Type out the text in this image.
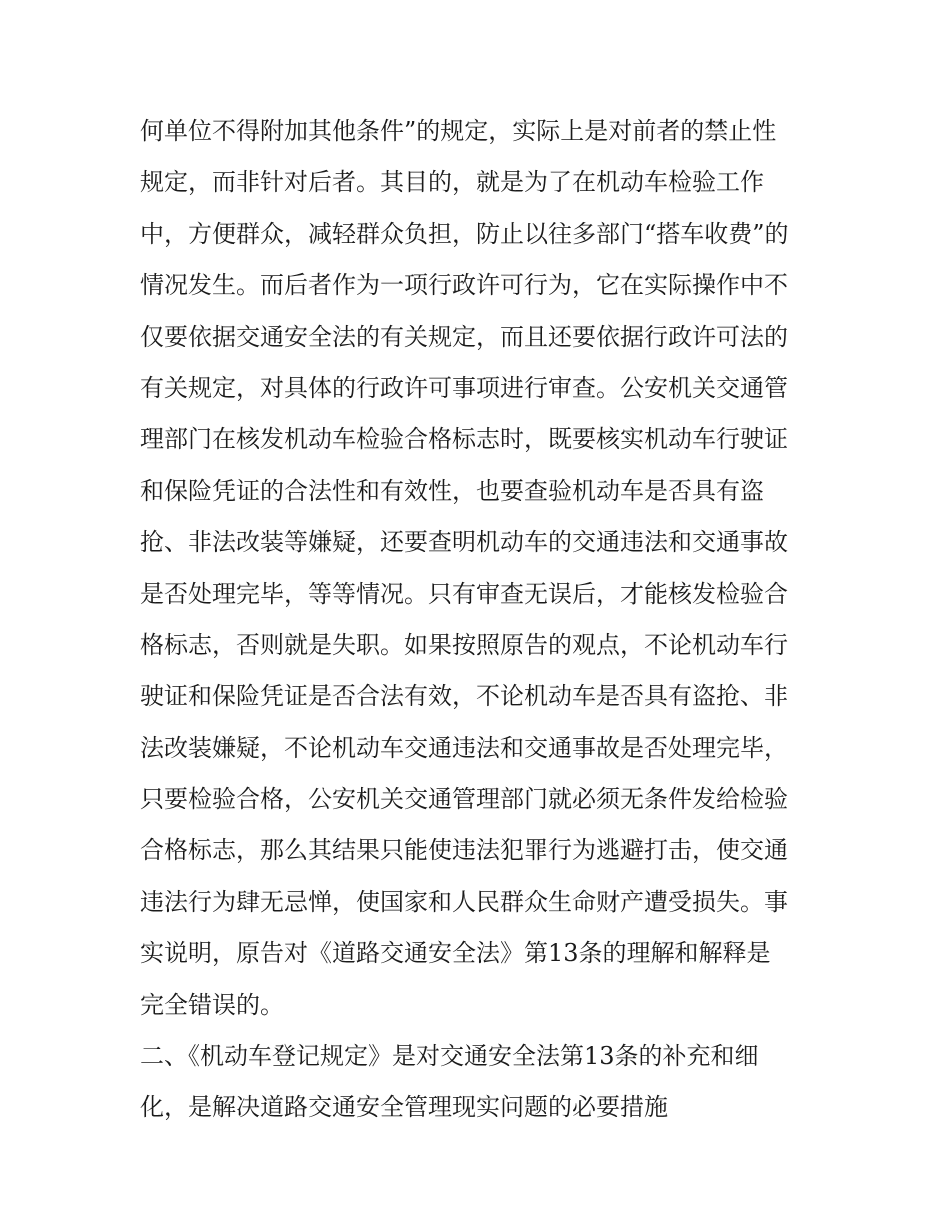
何单位不得附加其他条件”的规定，实际上是对前者的禁止性
规定，而非针对后者。其目的，就是为了在机动车检验工作
中，方便群众，减轻群众负担，防止以往多部门“搭车收费”的
情况发生。而后者作为一项行政许可行为，它在实际操作中不
仅要依据交通安全法的有关规定，而且还要依据行政许可法的
有关规定，对具体的行政许可事项进行审查。公安机关交通管
理部门在核发机动车检验合格标志时，既要核实机动车行驶证
和保险凭证的合法性和有效性，也要查验机动车是否具有盗
抢、非法改装等嫌疑，还要查明机动车的交通违法和交通事故
是否处理完毕，等等情况。只有审查无误后，才能核发检验合
格标志，否则就是失职。如果按照原告的观点，不论机动车行
驶证和保险凭证是否合法有效，不论机动车是否具有盗抢、非
法改装嫌疑，不论机动车交通违法和交通事故是否处理完毕，
只要检验合格，公安机关交通管理部门就必须无条件发给检验
合格标志，那么其结果只能使违法犯罪行为逃避打击，使交通
违法行为肆无忌惮，使国家和人民群众生命财产遭受损失。事
实说明，原告对《道路交通安全法》第13条的理解和解释是
完全错误的。
二、《机动车登记规定》是对交通安全法第13条的补充和细
化，是解决道路交通安全管理现实问题的必要措施
